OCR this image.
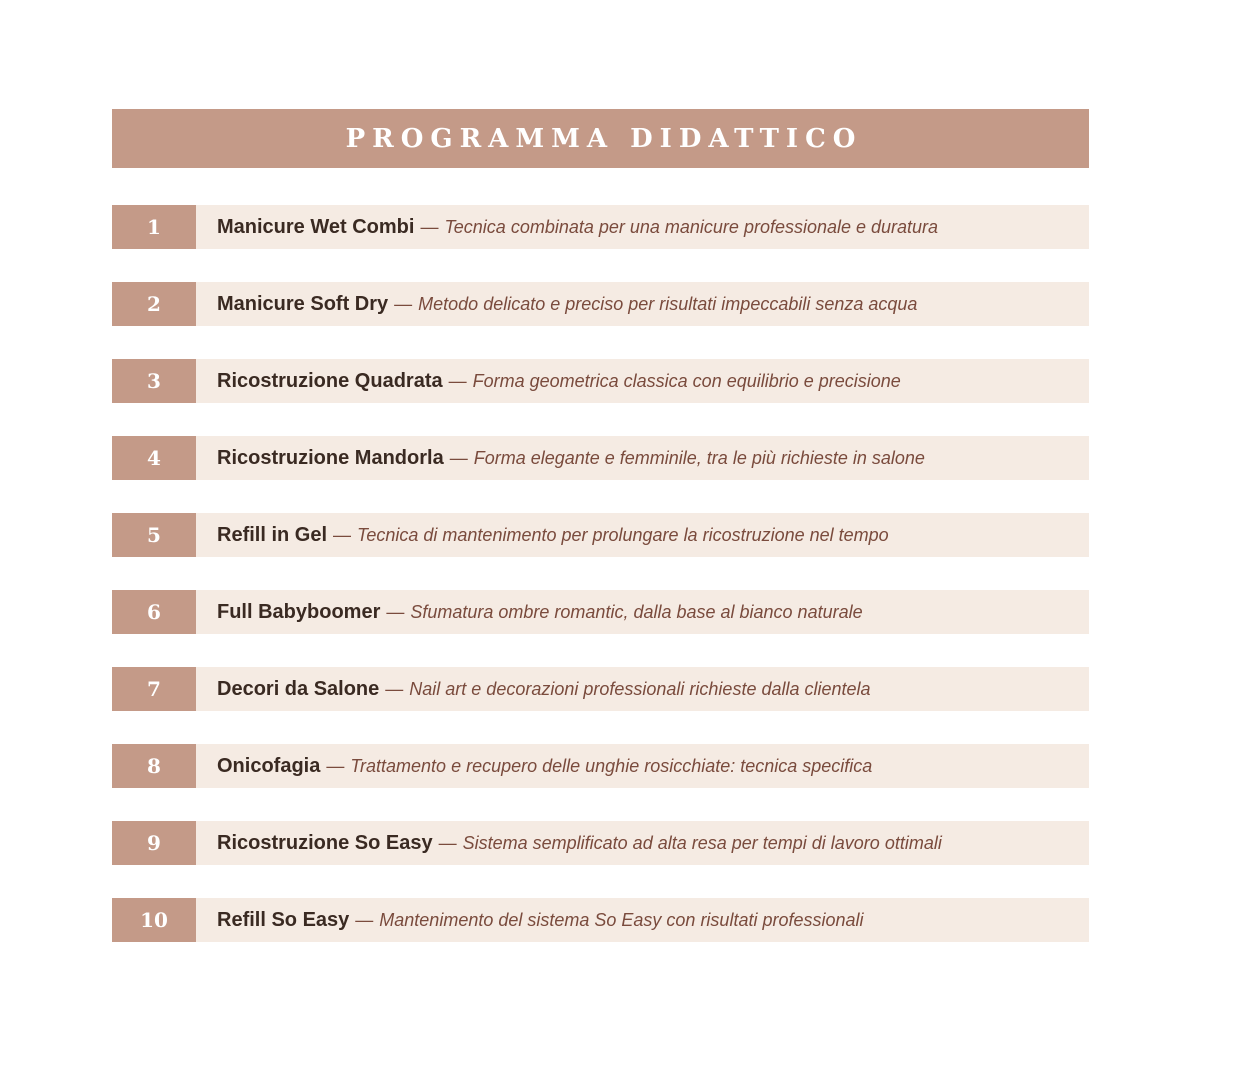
PROGRAMMA DIDATTICO
1	Manicure Wet Combi — Tecnica combinata per una manicure professionale e duratura
2	Manicure Soft Dry — Metodo delicato e preciso per risultati impeccabili senza acqua
3	Ricostruzione Quadrata — Forma geometrica classica con equilibrio e precisione
4	Ricostruzione Mandorla — Forma elegante e femminile, tra le più richieste in salone
5	Refill in Gel — Tecnica di mantenimento per prolungare la ricostruzione nel tempo
6	Full Babyboomer — Sfumatura ombre romantic, dalla base al bianco naturale
7	Decori da Salone — Nail art e decorazioni professionali richieste dalla clientela
8	Onicofagia — Trattamento e recupero delle unghie rosicchiate: tecnica specifica
9	Ricostruzione So Easy — Sistema semplificato ad alta resa per tempi di lavoro ottimali
10	Refill So Easy — Mantenimento del sistema So Easy con risultati professionali
